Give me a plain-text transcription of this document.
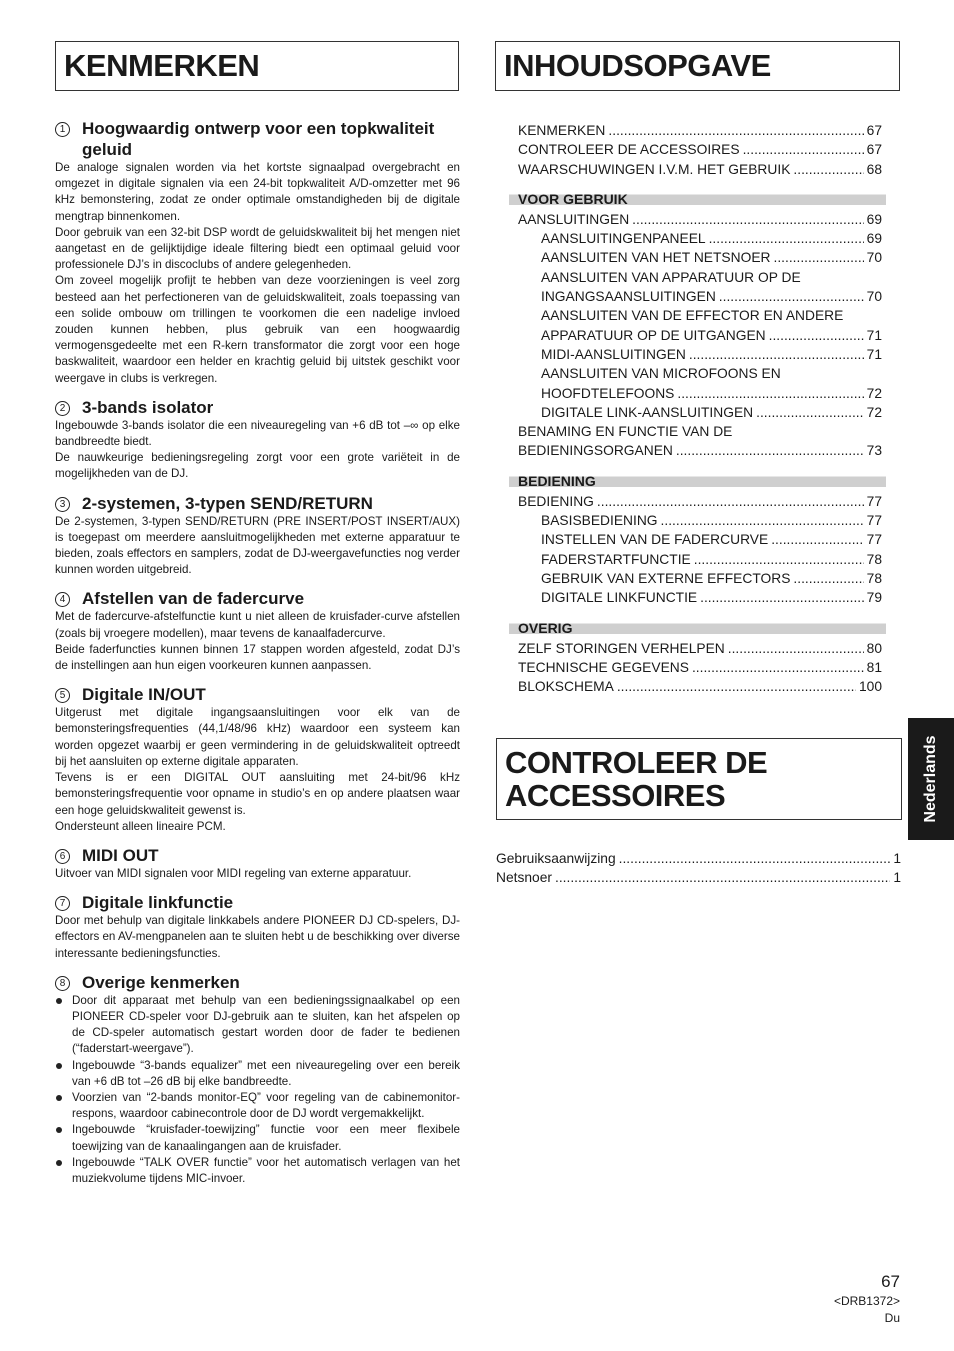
KENMERKEN	INHOUDSOPGAVE
CONTROLEER DE ACCESSOIRES
1 Hoogwaardig ontwerp voor een topkwaliteit geluid

De analoge signalen worden via het kortste signaalpad overgebracht en omgezet in digitale signalen via een 24-bit topkwaliteit A/D-omzetter met 96 kHz bemonstering, zodat ze onder optimale omstandigheden bij de digitale mengtrap binnenkomen.

Door gebruik van een 32-bit DSP wordt de geluidskwaliteit bij het mengen niet aangetast en de gelijktijdige ideale filtering biedt een optimaal geluid voor professionele DJ’s in discoclubs of andere gelegenheden.

Om zoveel mogelijk profijt te hebben van deze voorzieningen is veel zorg besteed aan het perfectioneren van de geluidskwaliteit, zoals toepassing van een solide ombouw om trillingen te voorkomen die een nadelige invloed zouden kunnen hebben, plus gebruik van een hoogwaardig vermogensgedeelte met een R-kern transformator die zorgt voor een hoge baskwaliteit, waardoor een helder en krachtig geluid bij uitstek geschikt voor weergave in clubs is verkregen.

2 3-bands isolator

Ingebouwde 3-bands isolator die een niveauregeling van +6 dB tot –∞ op elke bandbreedte biedt.

De nauwkeurige bedieningsregeling zorgt voor een grote variëteit in de mogelijkheden van de DJ.

3 2-systemen, 3-typen SEND/RETURN

De 2-systemen, 3-typen SEND/RETURN (PRE INSERT/POST INSERT/AUX) is toegepast om meerdere aansluitmogelijkheden met externe apparatuur te bieden, zoals effectors en samplers, zodat de DJ-weergavefuncties nog verder kunnen worden uitgebreid.

4 Afstellen van de fadercurve

Met de fadercurve-afstelfunctie kunt u niet alleen de kruisfader-curve afstellen (zoals bij vroegere modellen), maar tevens de kanaalfadercurve.

Beide faderfuncties kunnen binnen 17 stappen worden afgesteld, zodat DJ’s de instellingen aan hun eigen voorkeuren kunnen aanpassen.

5 Digitale IN/OUT

Uitgerust met digitale ingangsaansluitingen voor elk van de bemonsteringsfrequenties (44,1/48/96 kHz) waardoor een systeem kan worden opgezet waarbij er geen vermindering in de geluidskwaliteit optreedt bij het aansluiten op externe digitale apparaten.

Tevens is er een DIGITAL OUT aansluiting met 24-bit/96 kHz bemonsteringsfrequentie voor opname in studio’s en op andere plaatsen waar een hoge geluidskwaliteit gewenst is.

Ondersteunt alleen lineaire PCM.

6 MIDI OUT

Uitvoer van MIDI signalen voor MIDI regeling van externe apparatuur.

7 Digitale linkfunctie

Door met behulp van digitale linkkabels andere PIONEER DJ CD-spelers, DJ-effectors en AV-mengpanelen aan te sluiten hebt u de beschikking over diverse interessante bedieningsfuncties.

8 Overige kenmerken
Door dit apparaat met behulp van een bedieningssignaalkabel op een PIONEER CD-speler voor DJ-gebruik aan te sluiten, kan het afspelen op de CD-speler automatisch gestart worden door de fader te bedienen (“faderstart-weergave”).
Ingebouwde “3-bands equalizer” met een niveauregeling over een bereik van +6 dB tot –26 dB bij elke bandbreedte.
Voorzien van “2-bands monitor-EQ” voor regeling van de cabinemonitor-respons, waardoor cabinecontrole door de DJ wordt vergemakkelijkt.
Ingebouwde “kruisfader-toewijzing” functie voor een meer flexibele toewijzing van de kanaalingangen aan de kruisfader.
Ingebouwde “TALK OVER functie” voor het automatisch verlagen van het muziekvolume tijdens MIC-invoer.
KENMERKEN .....	67
CONTROLEER DE ACCESSOIRES .....	67
WAARSCHUWINGEN I.V.M. HET GEBRUIK .....	68
VOOR GEBRUIK
AANSLUITINGEN .....	69
AANSLUITINGENPANEEL .....	69
AANSLUITEN VAN HET NETSNOER .....	70
AANSLUITEN VAN APPARATUUR OP DE
INGANGSAANSLUITINGEN .....	70
AANSLUITEN VAN DE EFFECTOR EN ANDERE
APPARATUUR OP DE UITGANGEN .....	71
MIDI-AANSLUITINGEN .....	71
AANSLUITEN VAN MICROFOONS EN
HOOFDTELEFOONS .....	72
DIGITALE LINK-AANSLUITINGEN .....	72
BENAMING EN FUNCTIE VAN DE
BEDIENINGSORGANEN .....	73
BEDIENING
BEDIENING .....	77
BASISBEDIENING .....	77
INSTELLEN VAN DE FADERCURVE .....	77
FADERSTARTFUNCTIE .....	78
GEBRUIK VAN EXTERNE EFFECTORS .....	78
DIGITALE LINKFUNCTIE .....	79
OVERIG
ZELF STORINGEN VERHELPEN .....	80
TECHNISCHE GEGEVENS .....	81
BLOKSCHEMA .....	100
Gebruiksaanwijzing .....	1
Netsnoer .....	1
Nederlands
67
<DRB1372>
Du
